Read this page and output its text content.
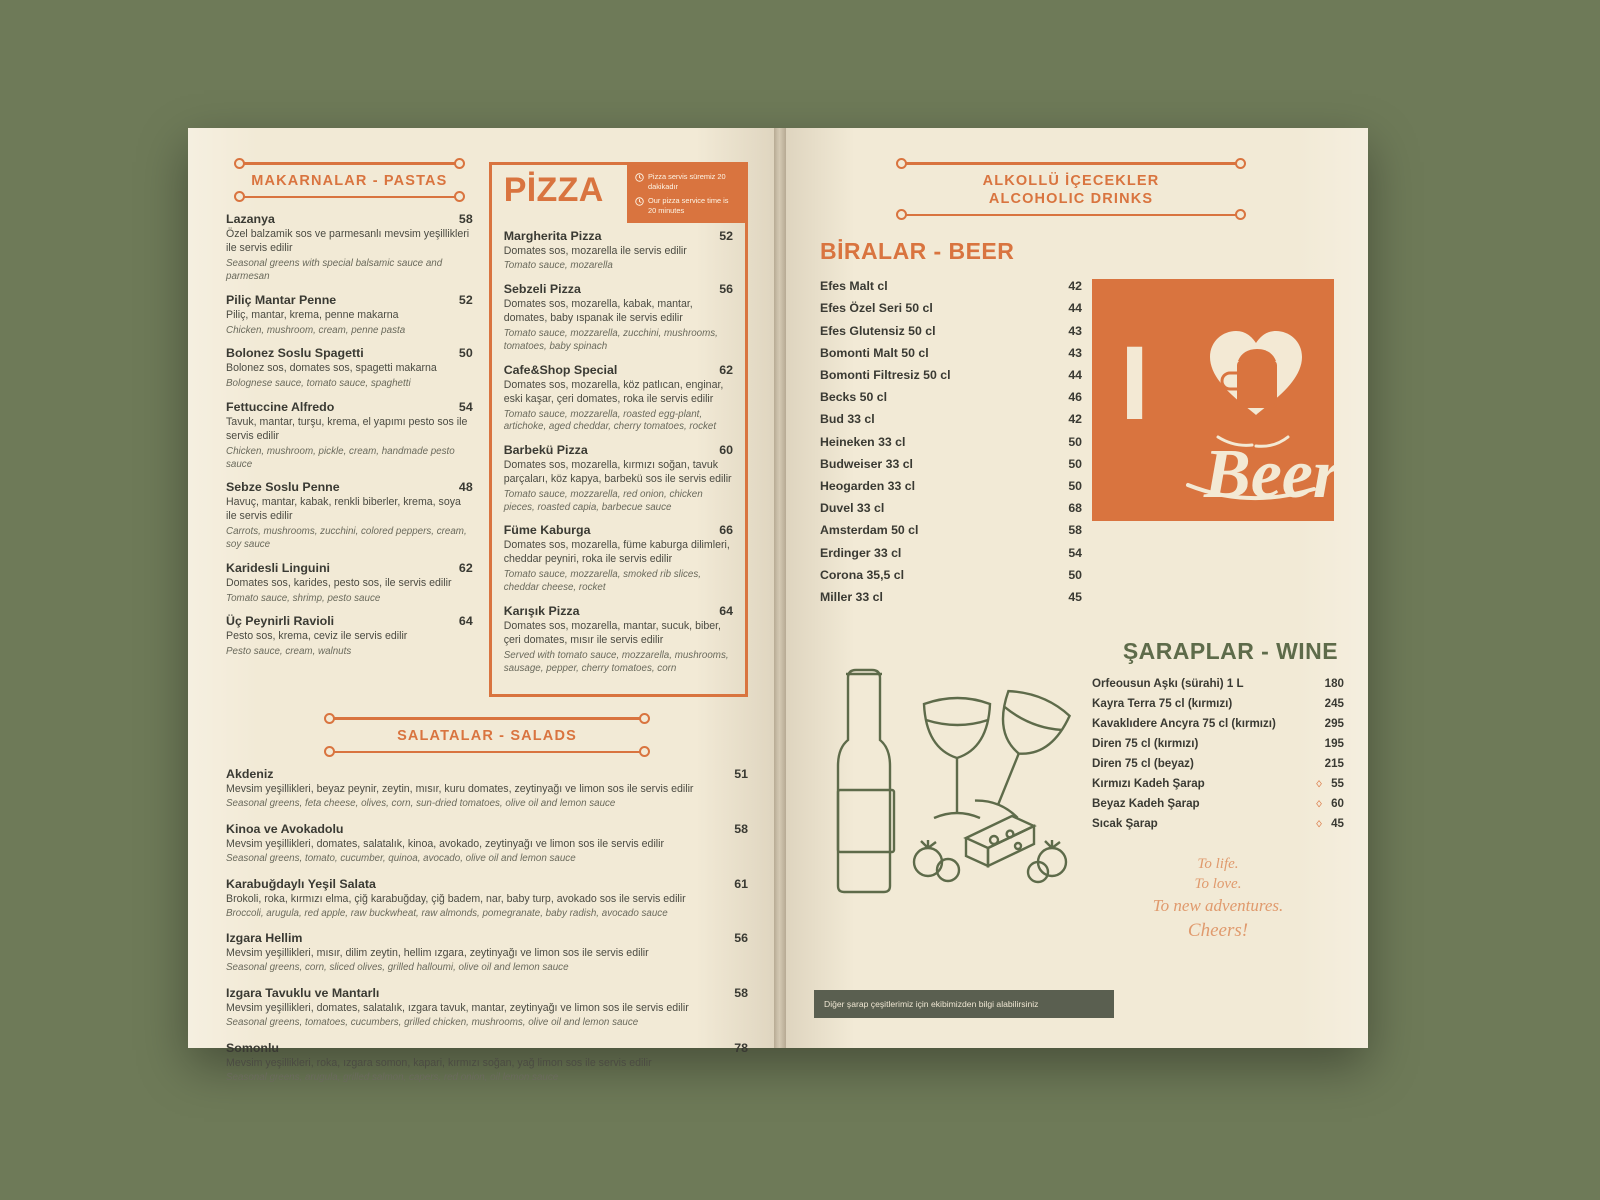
MAKARNALAR - PASTAS
Lazanya	58
Özel balzamik sos ve parmesanlı mevsim yeşillikleri ile servis edilir
Seasonal greens with special balsamic sauce and parmesan
Piliç Mantar Penne	52
Piliç, mantar, krema, penne makarna
Chicken, mushroom, cream, penne pasta
Bolonez Soslu Spagetti	50
Bolonez sos, domates sos, spagetti makarna
Bolognese sauce, tomato sauce, spaghetti
Fettuccine Alfredo	54
Tavuk, mantar, turşu, krema, el yapımı pesto sos ile servis edilir
Chicken, mushroom, pickle, cream, handmade pesto sauce
Sebze Soslu Penne	48
Havuç, mantar, kabak, renkli biberler, krema, soya ile servis edilir
Carrots, mushrooms, zucchini, colored peppers, cream, soy sauce
Karidesli Linguini	62
Domates sos, karides, pesto sos, ile servis edilir
Tomato sauce, shrimp, pesto sauce
Üç Peynirli Ravioli	64
Pesto sos, krema, ceviz ile servis edilir
Pesto sauce, cream, walnuts
PİZZA	Pizza servis süremiz 20 dakikadır
Our pizza service time is 20 minutes
Margherita Pizza	52
Domates sos, mozarella ile servis edilir
Tomato sauce, mozarella
Sebzeli Pizza	56
Domates sos, mozarella, kabak, mantar, domates, baby ıspanak ile servis edilir
Tomato sauce, mozzarella, zucchini, mushrooms, tomatoes, baby spinach
Cafe&Shop Special	62
Domates sos, mozarella, köz patlıcan, enginar, eski kaşar, çeri domates, roka ile servis edilir
Tomato sauce, mozzarella, roasted egg-plant, artichoke, aged cheddar, cherry tomatoes, rocket
Barbekü Pizza	60
Domates sos, mozarella, kırmızı soğan, tavuk parçaları, köz kapya, barbekü sos ile servis edilir
Tomato sauce, mozzarella, red onion, chicken pieces, roasted capia, barbecue sauce
Füme Kaburga	66
Domates sos, mozarella, füme kaburga dilimleri, cheddar peyniri, roka ile servis edilir
Tomato sauce, mozzarella, smoked rib slices, cheddar cheese, rocket
Karışık Pizza	64
Domates sos, mozarella, mantar, sucuk, biber, çeri domates, mısır ile servis edilir
Served with tomato sauce, mozzarella, mushrooms, sausage, pepper, cherry tomatoes, corn
SALATALAR - SALADS
Akdeniz	51
Mevsim yeşillikleri, beyaz peynir, zeytin, mısır, kuru domates, zeytinyağı ve limon sos ile servis edilir
Seasonal greens, feta cheese, olives, corn, sun-dried tomatoes, olive oil and lemon sauce
Kinoa ve Avokadolu	58
Mevsim yeşillikleri, domates, salatalık, kinoa, avokado, zeytinyağı ve limon sos ile servis edilir
Seasonal greens, tomato, cucumber, quinoa, avocado, olive oil and lemon sauce
Karabuğdaylı Yeşil Salata	61
Brokoli, roka, kırmızı elma, çiğ karabuğday, çiğ badem, nar, baby turp, avokado sos ile servis edilir
Broccoli, arugula, red apple, raw buckwheat, raw almonds, pomegranate, baby radish, avocado sauce
Izgara Hellim	56
Mevsim yeşillikleri, mısır, dilim zeytin, hellim ızgara, zeytinyağı ve limon sos ile servis edilir
Seasonal greens, corn, sliced olives, grilled halloumi, olive oil and lemon sauce
Izgara Tavuklu ve Mantarlı	58
Mevsim yeşillikleri, domates, salatalık, ızgara tavuk, mantar, zeytinyağı ve limon sos ile servis edilir
Seasonal greens, tomatoes, cucumbers, grilled chicken, mushrooms, olive oil and lemon sauce
Somonlu	78
Mevsim yeşillikleri, roka, ızgara somon, kapari, kırmızı soğan, yağ limon sos ile servis edilir
Seasonal greens, arugula, grilled salmon, capers, red onion, oil lemon sauce
ALKOLLÜ İÇECEKLER
ALCOHOLIC DRINKS
BİRALAR - BEER
Efes Malt cl	42
Efes Özel Seri 50 cl	44
Efes Glutensiz 50 cl	43
Bomonti Malt 50 cl	43
Bomonti Filtresiz 50 cl	44
Becks 50 cl	46
Bud 33 cl	42
Heineken 33 cl	50
Budweiser 33 cl	50
Heogarden 33 cl	50
Duvel 33 cl	68
Amsterdam 50 cl	58
Erdinger 33 cl	54
Corona 35,5 cl	50
Miller 33 cl	45
I
Beer
ŞARAPLAR - WINE
Orfeousun Aşkı (sürahi) 1 L	180
Kayra Terra 75 cl (kırmızı)	245
Kavaklıdere Ancyra 75 cl (kırmızı)	295
Diren 75 cl (kırmızı)	195
Diren 75 cl (beyaz)	215
Kırmızı Kadeh Şarap	♢ 55
Beyaz Kadeh Şarap	♢ 60
Sıcak Şarap	♢ 45
To life.
To love.
To new adventures.
Cheers!
Diğer şarap çeşitlerimiz için ekibimizden bilgi alabilirsiniz
